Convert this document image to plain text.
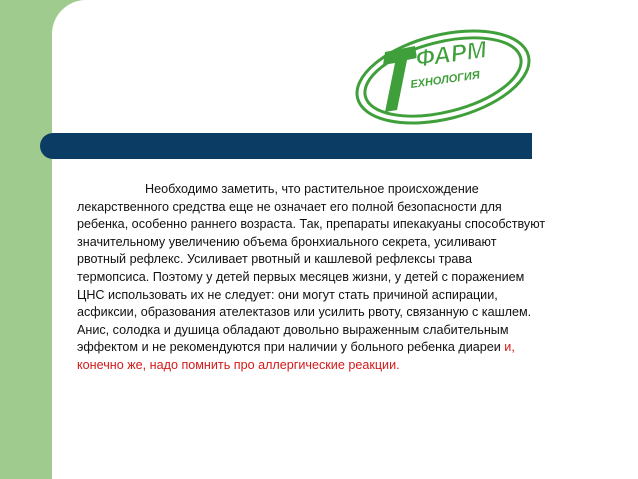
ФАРМ
ЕХНОЛОГИЯ

Необходимо заметить, что растительное происхождение лекарственного средства еще не означает его полной безопасности для ребенка, особенно раннего возраста. Так, препараты ипекакуаны способствуют значительному увеличению объема бронхиального секрета, усиливают рвотный рефлекс. Усиливает рвотный и кашлевой рефлексы трава термопсиса. Поэтому у детей первых месяцев жизни, у детей с поражением ЦНС использовать их не следует: они могут стать причиной аспирации, асфиксии, образования ателектазов или усилить рвоту, связанную с кашлем. Анис, солодка и душица обладают довольно выраженным слабительным эффектом и не рекомендуются при наличии у больного ребенка диареи и, конечно же, надо помнить про аллергические реакции.
